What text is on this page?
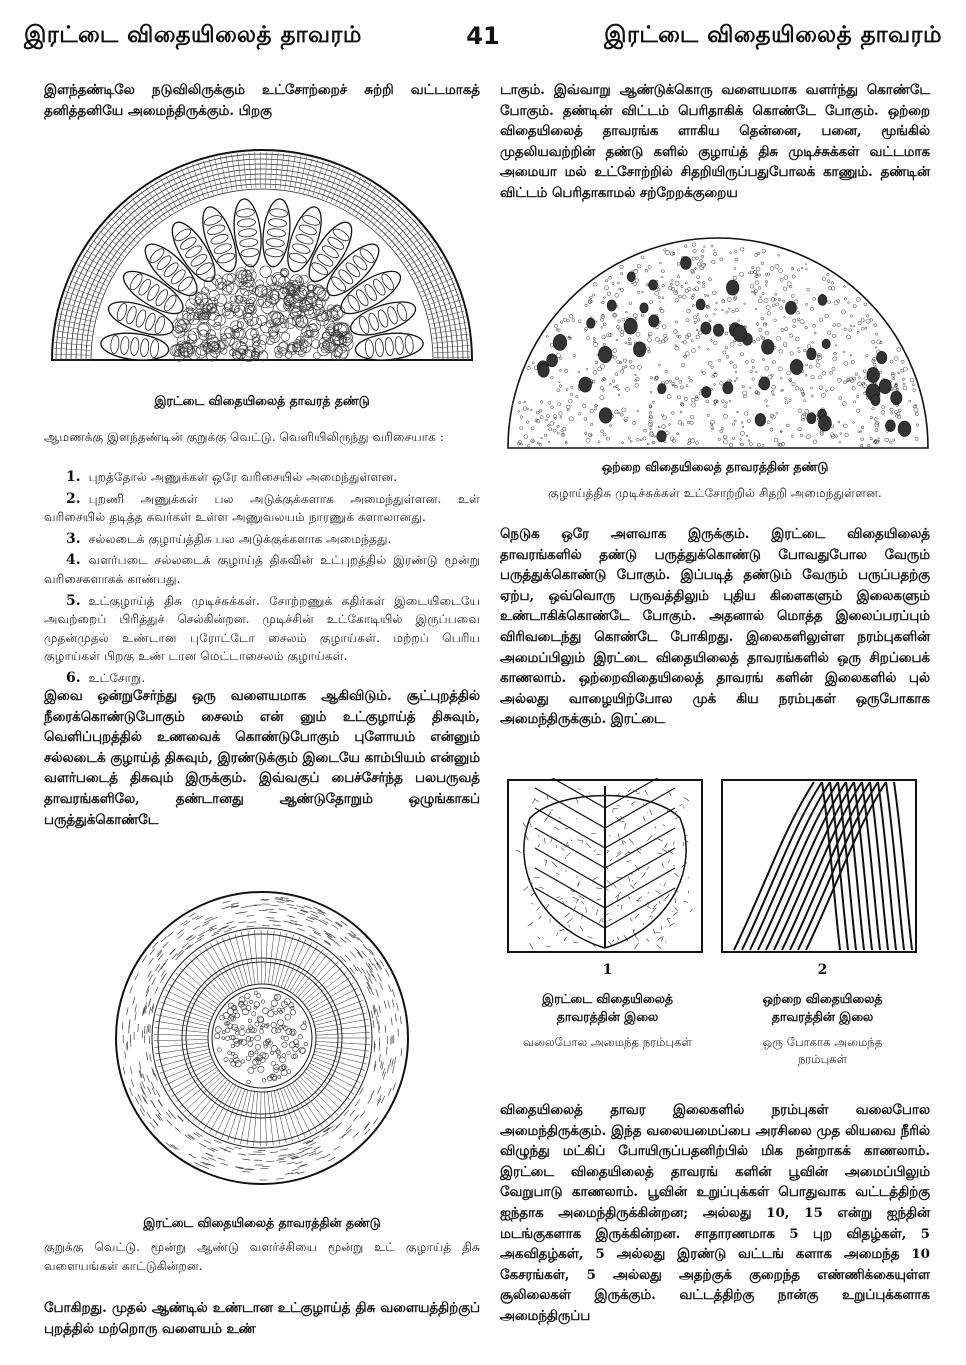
இரட்டை விதையிலைத் தாவரம்	41	இரட்டை விதையிலைத் தாவரம்

இளந்தண்டிலே நடுவிலிருக்கும் உட்சோற்றைச் சுற்றி வட்டமாகத் தனித்தனியே அமைந்திருக்கும். பிறகு

இரட்டை விதையிலைத் தாவரத் தண்டு

ஆமணக்கு இளந்தண்டின் குறுக்கு வெட்டு. வெளியிலிருந்து வரிசையாக :

1. புறத்தோல் அணுக்கள் ஒரே வரிசையில் அமைந்துள்ளன.
2. புறணி அணுக்கள் பல அடுக்குக்களாக அமைந்துள்ளன. உள் வரிசையில் தடித்த சுவர்கள் உள்ள அணுவலயம் நாரணுக் களாலானது.
3. சல்லடைக் குழாய்த்திசு பல அடுக்குக்களாக அமைந்தது.
4. வளர்படை சல்லடைக் குழாய்த் திசுவின் உட்புறத்தில் இரண்டு மூன்று வரிசைகளாகக் காண்பது.
5. உட்குழாய்த் திசு முடிச்சுக்கள். சோற்றணுக் கதிர்கள் இடையிடையே அவற்றைப் பிரித்துச் செல்கின்றன. முடிச்சின் உட்கோடியில் இருப்பவை முதன்முதல் உண்டான புரோட்டோ சைலம் குழாய்கள். மற்றப் பெரிய குழாய்கள் பிறகு உண் டான மெட்டாசைலம் குழாய்கள்.
6. உட்சோறு.

இவை ஒன்றுசேர்ந்து ஒரு வளையமாக ஆகிவிடும். சூட்புறத்தில் நீரைக்கொண்டுபோகும் சைலம் என் னும் உட்குழாய்த் திசுவும், வெளிப்புறத்தில் உணவைக் கொண்டுபோகும் புளோயம் என்னும் சல்லடைக் குழாய்த் திசுவும், இரண்டுக்கும் இடையே காம்பியம் என்னும் வளர்படைத் திசுவும் இருக்கும். இவ்வகுப் பைச்சேர்ந்த பலபருவத் தாவரங்களிலே, தண்டானது ஆண்டுதோறும் ஒழுங்காகப் பருத்துக்கொண்டே

இரட்டை விதையிலைத் தாவரத்தின் தண்டு

குறுக்கு வெட்டு. மூன்று ஆண்டு வளர்ச்சியை மூன்று உட் குழாய்த் திசு வளையங்கள் காட்டுகின்றன.

போகிறது. முதல் ஆண்டில் உண்டான உட்குழாய்த் திசு வளையத்திற்குப் புறத்தில் மற்றொரு வளையம் உண்

டாகும். இவ்வாறு ஆண்டுக்கொரு வளையமாக வளர்ந்து கொண்டே போகும். தண்டின் விட்டம் பெரிதாகிக் கொண்டே போகும். ஒற்றை விதையிலைத் தாவரங்க ளாகிய தென்னை, பனை, மூங்கில் முதலியவற்றின் தண்டு களில் குழாய்த் திசு முடிச்சுக்கள் வட்டமாக அமையா மல் உட்சோற்றில் சிதறியிருப்பதுபோலக் காணும். தண்டின் விட்டம் பெரிதாகாமல் சற்றேறக்குறைய

ஒற்றை விதையிலைத் தாவரத்தின் தண்டு

குழாய்த்திசு முடிச்சுக்கள் உட்சோற்றில் சிதறி அமைந்துள்ளன.

நெடுக ஒரே அளவாக இருக்கும். இரட்டை விதையிலைத் தாவரங்களில் தண்டு பருத்துக்கொண்டு போவதுபோல வேரும் பருத்துக்கொண்டு போகும். இப்படித் தண்டும் வேரும் பருப்பதற்கு ஏற்ப, ஒவ்வொரு பருவத்திலும் புதிய கிளைகளும் இலைகளும் உண்டாகிக்கொண்டே போகும். அதனால் மொத்த இலைப்பரப்பும் விரிவடைந்து கொண்டே போகிறது. இலைகளிலுள்ள நரம்புகளின் அமைப்பிலும் இரட்டை விதையிலைத் தாவரங்களில் ஒரு சிறப்பைக் காணலாம். ஒற்றைவிதையிலைத் தாவரங் களின் இலைகளில் புல் அல்லது வாழையிற்போல முக் கிய நரம்புகள் ஒருபோகாக அமைந்திருக்கும். இரட்டை

1	2

இரட்டை விதையிலைத் தாவரத்தின் இலை

வலைபோல அமைந்த நரம்புகள்

ஒற்றை விதையிலைத் தாவரத்தின் இலை

ஒரு போகாக அமைந்த நரம்புகள்

விதையிலைத் தாவர இலைகளில் நரம்புகள் வலைபோல அமைந்திருக்கும். இந்த வலையமைப்பை அரசிலை முத லியவை நீரில் விழுந்து மட்கிப் போயிருப்பதனிற்பில் மிக நன்றாகக் காணலாம். இரட்டை விதையிலைத் தாவரங் களின் பூவின் அமைப்பிலும் வேறுபாடு காணலாம். பூவின் உறுப்புக்கள் பொதுவாக வட்டத்திற்கு ஐந்தாக அமைந்திருக்கின்றன; அல்லது 10, 15 என்று ஐந்தின் மடங்குகளாக இருக்கின்றன. சாதாரணமாக 5 புற விதழ்கள், 5 அகவிதழ்கள், 5 அல்லது இரண்டு வட்டங் களாக அமைந்த 10 கேசரங்கள், 5 அல்லது அதற்குக் குறைந்த எண்ணிக்கையுள்ள சூலிலைகள் இருக்கும். வட்டத்திற்கு நான்கு உறுப்புக்களாக அமைந்திருப்ப
